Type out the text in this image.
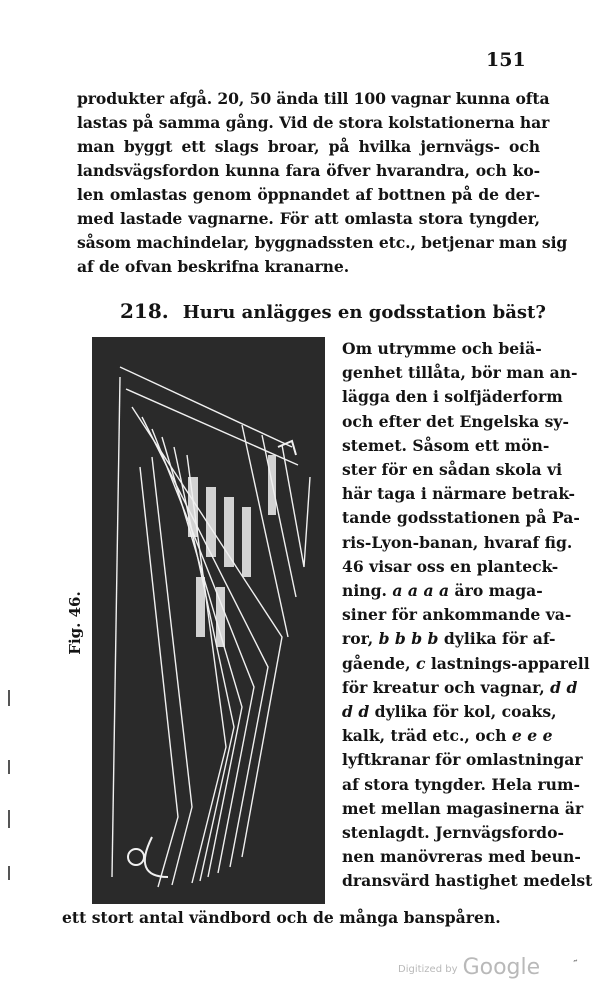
151

produkter afgå. 20, 50 ända till 100 vagnar kunna ofta
lastas på samma gång. Vid de stora kolstationerna har
man byggt ett slags broar, på hvilka jernvägs- och
landsvägsfordon kunna fara öfver hvarandra, och ko-
len omlastas genom öppnandet af bottnen på de der-
med lastade vagnarne. För att omlasta stora tyngder,
såsom machindelar, byggnadssten etc., betjenar man sig
af de ofvan beskrifna kranarne.

218. Huru anlägges en godsstation bäst?
Fig. 46.
Om utrymme och beiä-
genhet tillåta, bör man an-
lägga den i solfjäderform
och efter det Engelska sy-
stemet. Såsom ett mön-
ster för en sådan skola vi
här taga i närmare betrak-
tande godsstationen på Pa-
ris-Lyon-banan, hvaraf fig.
46 visar oss en planteck-
ning. a a a a äro maga-
siner för ankommande va-
ror, b b b b dylika för af-
gående, c lastnings-apparell
för kreatur och vagnar, d d
d d dylika för kol, coaks,
kalk, träd etc., och e e e
lyftkranar för omlastningar
af stora tyngder. Hela rum-
met mellan magasinerna är
stenlagdt. Jernvägsfordo-
nen manövreras med beun-
dransvärd hastighet medelst
ett stort antal vändbord och de många banspåren.
Digitized by Google	˜
